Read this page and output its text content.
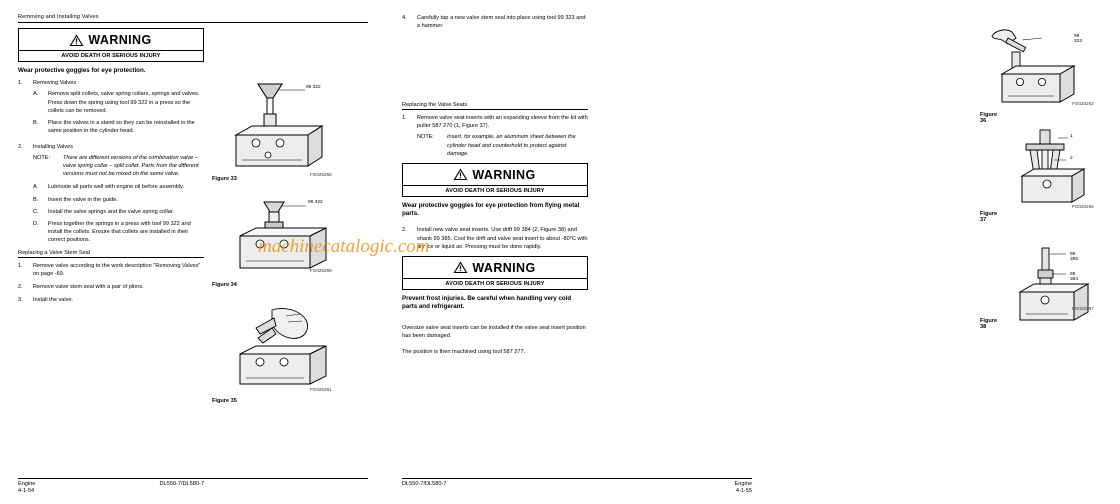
Removing and Installing Valves
WARNING
AVOID DEATH OR SERIOUS INJURY
Wear protective goggles for eye protection.
1.	Removing Valves
A. Remove split collets, valve spring collars, springs and valves. Press down the spring using tool 99 322 in a press so the collets can be removed.
B. Place the valves in a stand so they can be reinstalled in the same position in the cylinder head.
2.	Installing Valves
NOTE: There are different versions of the combination valve – valve spring collar – split collet. Parts from the different versions must not be mixed on the same valve.
A. Lubricate all parts well with engine oil before assembly.
B. Insert the valve in the guide.
C. Install the valve springs and the valve spring collar.
D. Press together the springs in a press with tool 99 322 and install the collets. Ensure that collets are installed in their correct positions.
Replacing a Valve Stem Seal
1.	Remove valve according to the work description "Removing Valves" on page -69.
2.	Remove valve stem seal with a pair of pliers.
3.	Install the valve.
99 322
Figure 33
FG020258
99 322
Figure 34
FG020259
Figure 35
FG020261
Engine
4-1-54
DL550-7/DL580-7
4.	Carefully tap a new valve stem seal into place using tool 99 323 and a hammer.
Replacing the Valve Seats
1.	Remove valve seat inserts with an expanding sleeve from the kit with puller 587 270 (1, Figure 37).
NOTE: Insert, for example, an aluminum sheet between the cylinder head and counterhold to protect against damage.
WARNING
AVOID DEATH OR SERIOUS INJURY
Wear protective goggles for eye protection from flying metal parts.
2.	Install new valve seat inserts. Use drift 99 384 (2, Figure 38) and shank 99 385. Cool the drift and valve seat insert to about -80°C with dry ice or liquid air. Pressing must be done rapidly.
WARNING
AVOID DEATH OR SERIOUS INJURY
Prevent frost injuries. Be careful when handling very cold parts and refrigerant.
Oversize valve seat inserts can be installed if the valve seat insert position has been damaged.
The position is then machined using tool 587 277.
99 323
Figure 36
FG020262
1
2
Figure 37
FG020266
99 385
99 384
Figure 38
FG020267
DL550-7/DL580-7	Engine
4-1-55
machinecatalogic.com
